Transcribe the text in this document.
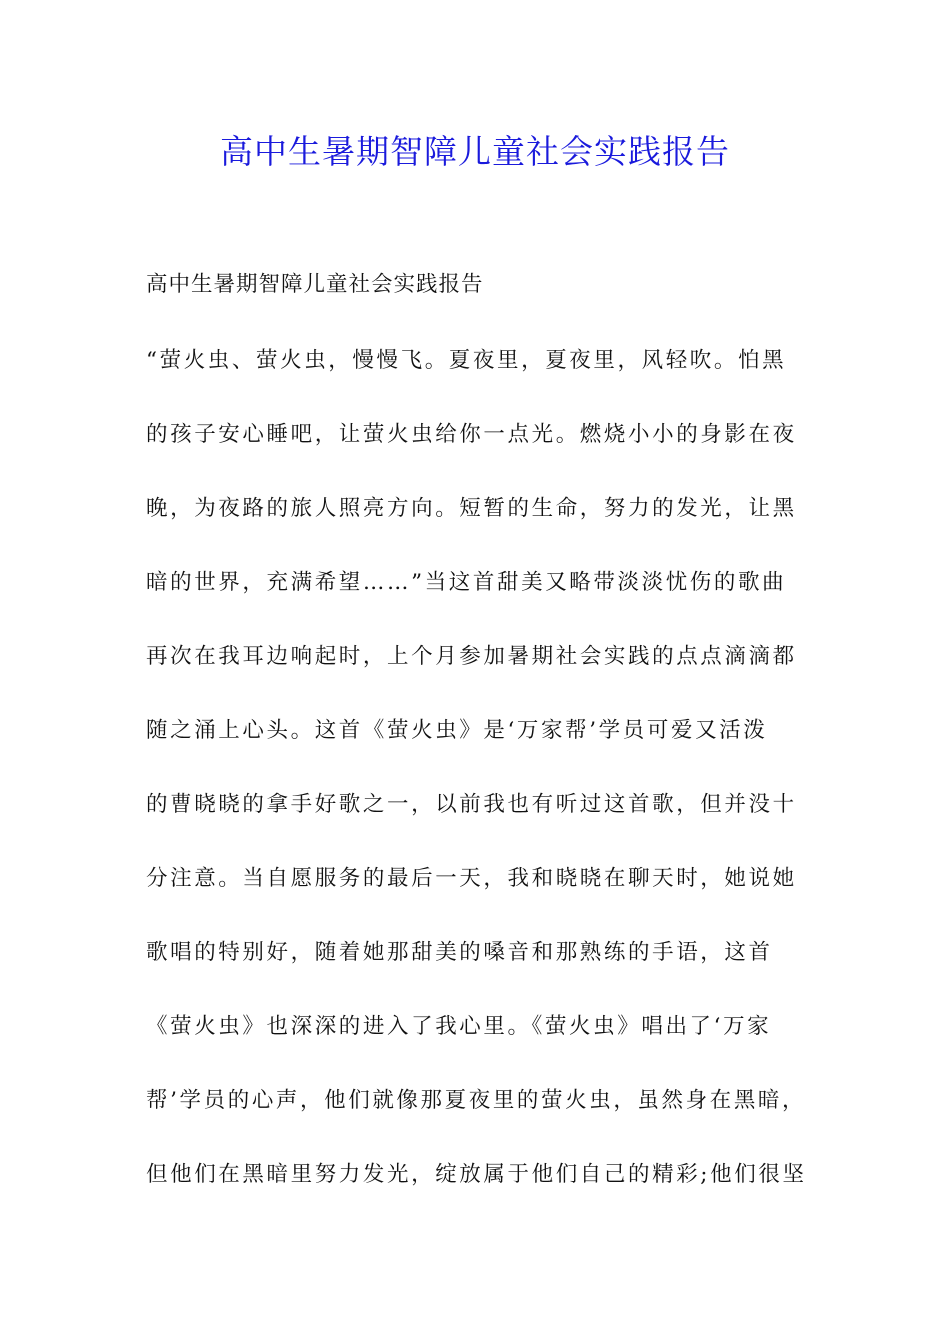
高中生暑期智障儿童社会实践报告
高中生暑期智障儿童社会实践报告
“萤火虫、萤火虫，慢慢飞。夏夜里，夏夜里，风轻吹。怕黑
的孩子安心睡吧，让萤火虫给你一点光。燃烧小小的身影在夜
晚，为夜路的旅人照亮方向。短暂的生命，努力的发光，让黑
暗的世界，充满希望……”当这首甜美又略带淡淡忧伤的歌曲
再次在我耳边响起时，上个月参加暑期社会实践的点点滴滴都
随之涌上心头。这首《萤火虫》是‘万家帮’学员可爱又活泼
的曹晓晓的拿手好歌之一，以前我也有听过这首歌，但并没十
分注意。当自愿服务的最后一天，我和晓晓在聊天时，她说她
歌唱的特别好，随着她那甜美的嗓音和那熟练的手语，这首
《萤火虫》也深深的进入了我心里。《萤火虫》唱出了‘万家
帮’学员的心声，他们就像那夏夜里的萤火虫，虽然身在黑暗，
但他们在黑暗里努力发光，绽放属于他们自己的精彩;他们很坚
